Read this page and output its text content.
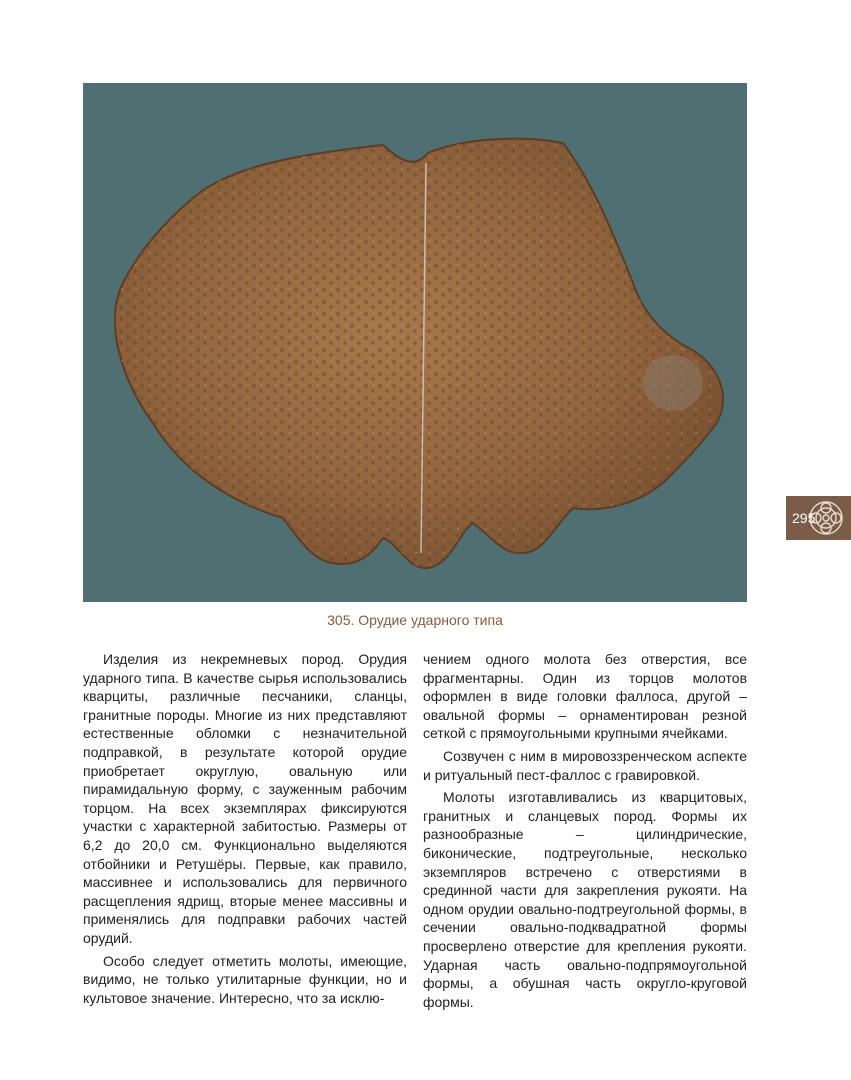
305. Орудие ударного типа

Изделия из некремневых пород. Орудия ударного типа. В качестве сырья использовались кварциты, различные песчаники, сланцы, гранитные породы. Многие из них представляют естественные обломки с незначительной подправкой, в результате которой орудие приобретает округлую, овальную или пирамидальную форму, с зауженным рабочим торцом. На всех экземплярах фиксируются участки с характерной забитостью. Размеры от 6,2 до 20,0 см. Функционально выделяются отбойники и Ретушёры. Первые, как правило, массивнее и использовались для первичного расщепления ядрищ, вторые менее массивны и применялись для подправки рабочих частей орудий.

Особо следует отметить молоты, имеющие, видимо, не только утилитарные функции, но и культовое значение. Интересно, что за исклю-

чением одного молота без отверстия, все фрагментарны. Один из торцов молотов оформлен в виде головки фаллоса, другой – овальной формы – орнаментирован резной сеткой с прямоугольными крупными ячейками.

Созвучен с ним в мировоззренческом аспекте и ритуальный пест-фаллос с гравировкой.

Молоты изготавливались из кварцитовых, гранитных и сланцевых пород. Формы их разнообразные – цилиндрические, биконические, подтреугольные, несколько экземпляров встречено с отверстиями в срединной части для закрепления рукояти. На одном орудии овально-подтреугольной формы, в сечении овально-подквадратной формы просверлено отверстие для крепления рукояти. Ударная часть овально-подпрямоугольной формы, а обушная часть округло-круговой формы.

295
